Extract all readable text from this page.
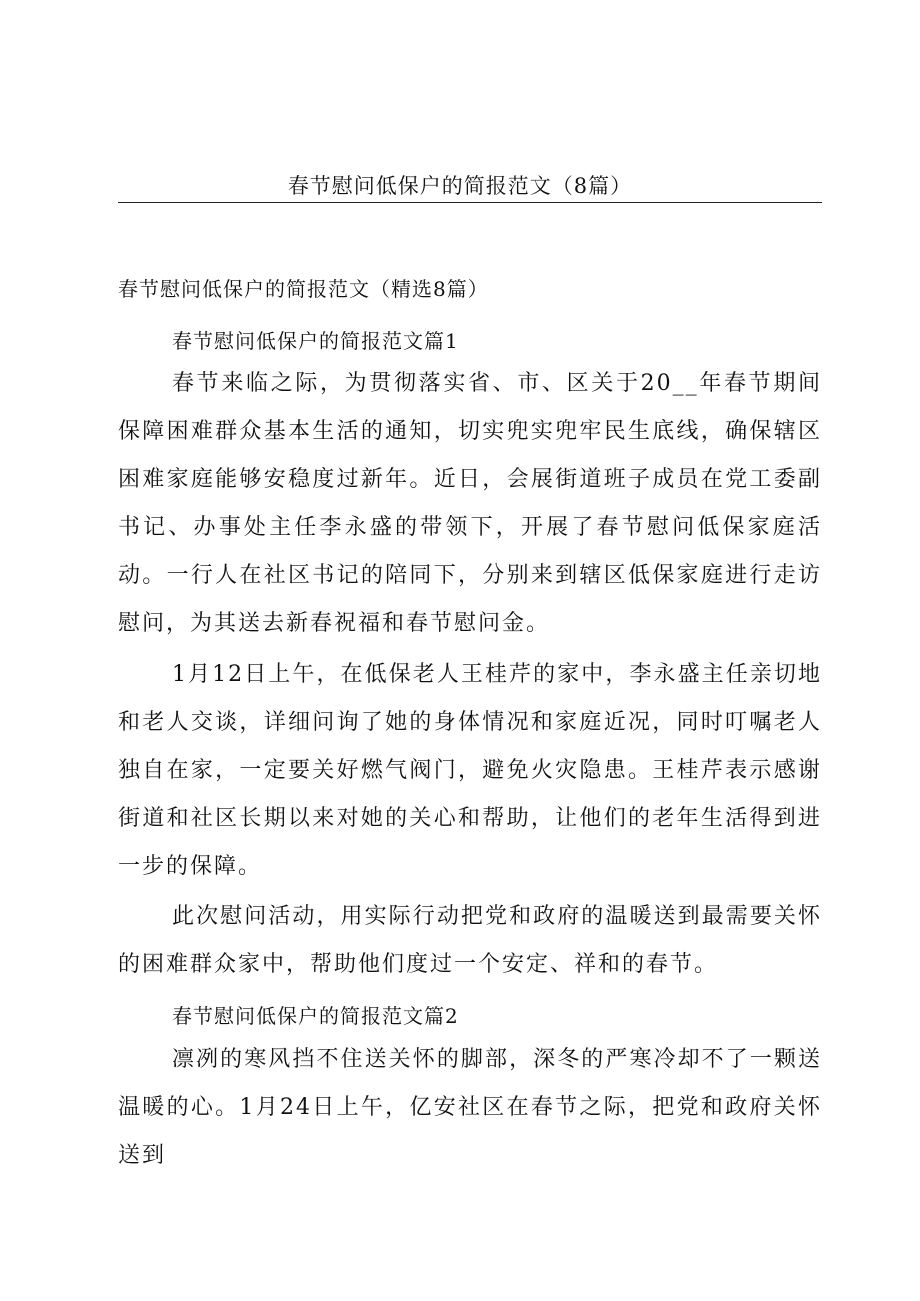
春节慰问低保户的简报范文（8篇）
春节慰问低保户的简报范文（精选8篇）
春节慰问低保户的简报范文篇1

春节来临之际，为贯彻落实省、市、区关于20__年春节期间保障困难群众基本生活的通知，切实兜实兜牢民生底线，确保辖区困难家庭能够安稳度过新年。近日，会展街道班子成员在党工委副书记、办事处主任李永盛的带领下，开展了春节慰问低保家庭活动。一行人在社区书记的陪同下，分别来到辖区低保家庭进行走访慰问，为其送去新春祝福和春节慰问金。

1月12日上午，在低保老人王桂芹的家中，李永盛主任亲切地和老人交谈，详细问询了她的身体情况和家庭近况，同时叮嘱老人独自在家，一定要关好燃气阀门，避免火灾隐患。王桂芹表示感谢街道和社区长期以来对她的关心和帮助，让他们的老年生活得到进一步的保障。

此次慰问活动，用实际行动把党和政府的温暖送到最需要关怀的困难群众家中，帮助他们度过一个安定、祥和的春节。

春节慰问低保户的简报范文篇2

凛冽的寒风挡不住送关怀的脚部，深冬的严寒冷却不了一颗送温暖的心。1月24日上午，亿安社区在春节之际，把党和政府关怀送到
